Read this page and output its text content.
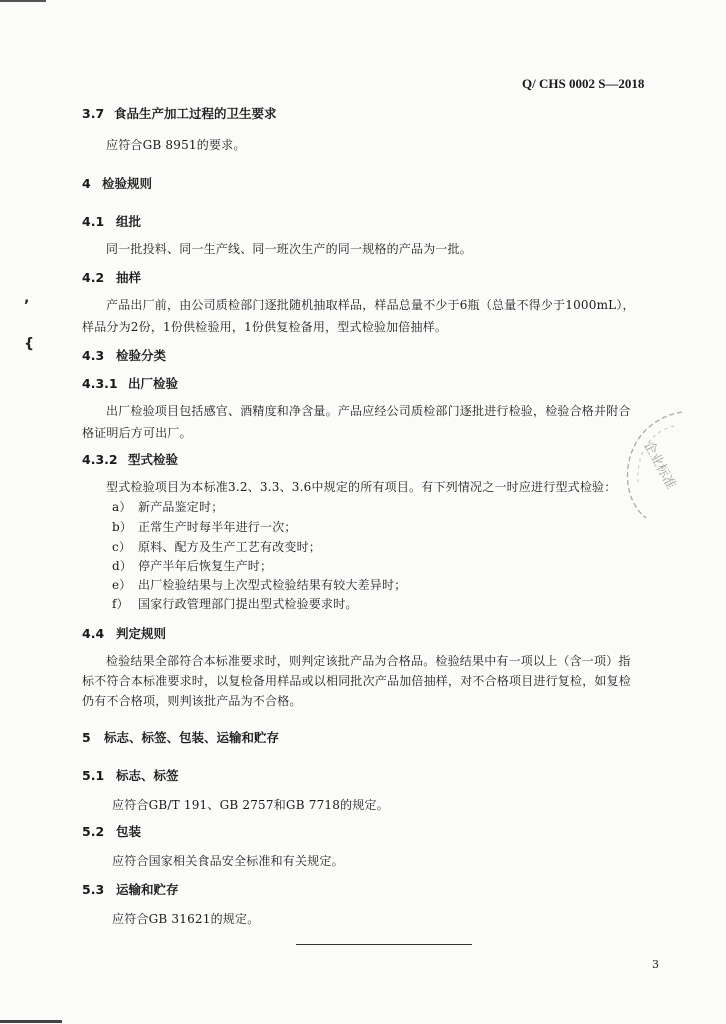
Q/ CHS 0002 S—2018
3.7 食品生产加工过程的卫生要求
应符合GB 8951的要求。
4 检验规则
4.1 组批
同一批投料、同一生产线、同一班次生产的同一规格的产品为一批。
4.2 抽样
产品出厂前，由公司质检部门逐批随机抽取样品，样品总量不少于6瓶（总量不得少于1000mL），
样品分为2份，1份供检验用，1份供复检备用，型式检验加倍抽样。
4.3 检验分类
4.3.1 出厂检验
出厂检验项目包括感官、酒精度和净含量。产品应经公司质检部门逐批进行检验，检验合格并附合
格证明后方可出厂。
4.3.2 型式检验
型式检验项目为本标准3.2、3.3、3.6中规定的所有项目。有下列情况之一时应进行型式检验：
a） 新产品鉴定时；
b） 正常生产时每半年进行一次；
c） 原料、配方及生产工艺有改变时；
d） 停产半年后恢复生产时；
e） 出厂检验结果与上次型式检验结果有较大差异时；
f） 国家行政管理部门提出型式检验要求时。
4.4 判定规则
检验结果全部符合本标准要求时，则判定该批产品为合格品。检验结果中有一项以上（含一项）指
标不符合本标准要求时，以复检备用样品或以相同批次产品加倍抽样，对不合格项目进行复检，如复检
仍有不合格项，则判该批产品为不合格。
5 标志、标签、包装、运输和贮存
5.1 标志、标签
应符合GB/T 191、GB 2757和GB 7718的规定。
5.2 包装
应符合国家相关食品安全标准和有关规定。
5.3 运输和贮存
应符合GB 31621的规定。
3
’
{
企业标准
